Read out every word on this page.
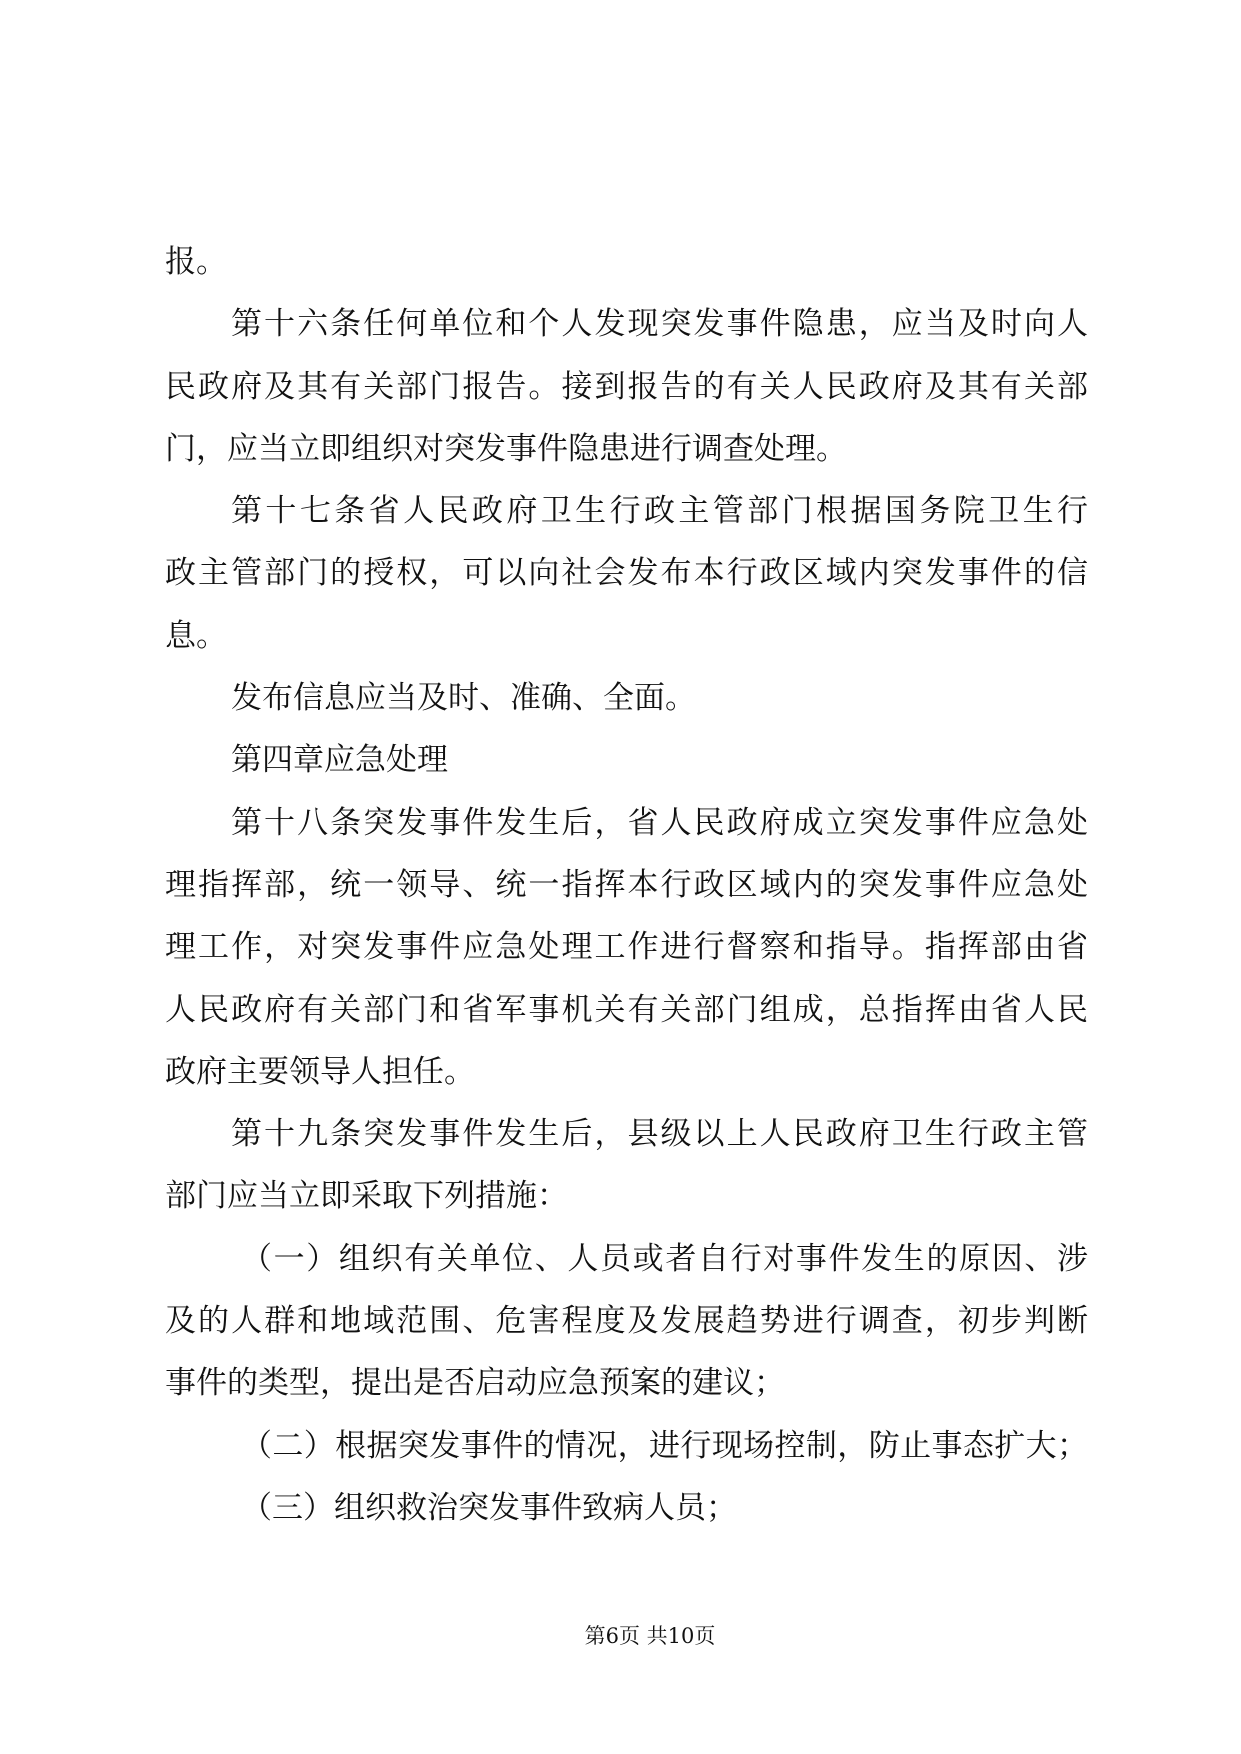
报。
第十六条任何单位和个人发现突发事件隐患，应当及时向人
民政府及其有关部门报告。接到报告的有关人民政府及其有关部
门，应当立即组织对突发事件隐患进行调查处理。
第十七条省人民政府卫生行政主管部门根据国务院卫生行
政主管部门的授权，可以向社会发布本行政区域内突发事件的信
息。
发布信息应当及时、准确、全面。
第四章应急处理
第十八条突发事件发生后，省人民政府成立突发事件应急处
理指挥部，统一领导、统一指挥本行政区域内的突发事件应急处
理工作，对突发事件应急处理工作进行督察和指导。指挥部由省
人民政府有关部门和省军事机关有关部门组成，总指挥由省人民
政府主要领导人担任。
第十九条突发事件发生后，县级以上人民政府卫生行政主管
部门应当立即采取下列措施：
（一）组织有关单位、人员或者自行对事件发生的原因、涉
及的人群和地域范围、危害程度及发展趋势进行调查，初步判断
事件的类型，提出是否启动应急预案的建议；
（二）根据突发事件的情况，进行现场控制，防止事态扩大；
（三）组织救治突发事件致病人员；
第6页 共10页
